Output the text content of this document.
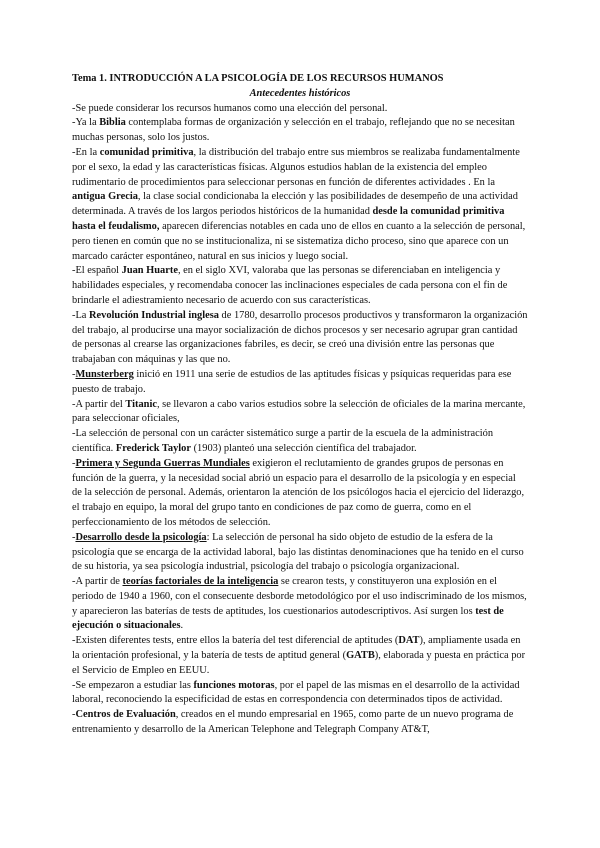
Tema 1. INTRODUCCIÓN A LA PSICOLOGÍA DE LOS RECURSOS HUMANOS

Antecedentes históricos

-Se puede considerar los recursos humanos como una elección del personal.

-Ya la Biblia contemplaba formas de organización y selección en el trabajo, reflejando que no se necesitan muchas personas, solo los justos.

-En la comunidad primitiva, la distribución del trabajo entre sus miembros se realizaba fundamentalmente por el sexo, la edad y las características físicas. Algunos estudios hablan de la existencia del empleo rudimentario de procedimientos para seleccionar personas en función de diferentes actividades . En la antigua Grecia, la clase social condicionaba la elección y las posibilidades de desempeño de una actividad determinada. A través de los largos periodos históricos de la humanidad desde la comunidad primitiva hasta el feudalismo, aparecen diferencias notables en cada uno de ellos en cuanto a la selección de personal, pero tienen en común que no se institucionaliza, ni se sistematiza dicho proceso, sino que aparece con un marcado carácter espontáneo, natural en sus inicios y luego social.

-El español Juan Huarte, en el siglo XVI, valoraba que las personas se diferenciaban en inteligencia y habilidades especiales, y recomendaba conocer las inclinaciones especiales de cada persona con el fin de brindarle el adiestramiento necesario de acuerdo con sus características.

-La Revolución Industrial inglesa de 1780, desarrollo procesos productivos y transformaron la organización del trabajo, al producirse una mayor socialización de dichos procesos y ser necesario agrupar gran cantidad de personas al crearse las organizaciones fabriles, es decir, se creó una división entre las personas que trabajaban con máquinas y las que no.

-Munsterberg inició en 1911 una serie de estudios de las aptitudes físicas y psíquicas requeridas para ese puesto de trabajo.

-A partir del Titanic, se llevaron a cabo varios estudios sobre la selección de oficiales de la marina mercante, para seleccionar oficiales,

-La selección de personal con un carácter sistemático surge a partir de la escuela de la administración científica. Frederick Taylor (1903) planteó una selección científica del trabajador.

-Primera y Segunda Guerras Mundiales exigieron el reclutamiento de grandes grupos de personas en función de la guerra, y la necesidad social abrió un espacio para el desarrollo de la psicología y en especial de la selección de personal. Además, orientaron la atención de los psicólogos hacia el ejercicio del liderazgo, el trabajo en equipo, la moral del grupo tanto en condiciones de paz como de guerra, como en el perfeccionamiento de los métodos de selección.

-Desarrollo desde la psicología: La selección de personal ha sido objeto de estudio de la esfera de la psicología que se encarga de la actividad laboral, bajo las distintas denominaciones que ha tenido en el curso de su historia, ya sea psicología industrial, psicología del trabajo o psicología organizacional.

-A partir de teorías factoriales de la inteligencia se crearon tests, y constituyeron una explosión en el periodo de 1940 a 1960, con el consecuente desborde metodológico por el uso indiscriminado de los mismos, y aparecieron las baterías de tests de aptitudes, los cuestionarios autodescriptivos. Así surgen los test de ejecución o situacionales.

-Existen diferentes tests, entre ellos la batería del test diferencial de aptitudes (DAT), ampliamente usada en la orientación profesional, y la batería de tests de aptitud general (GATB), elaborada y puesta en práctica por el Servicio de Empleo en EEUU.

-Se empezaron a estudiar las funciones motoras, por el papel de las mismas en el desarrollo de la actividad laboral, reconociendo la especificidad de estas en correspondencia con determinados tipos de actividad.

-Centros de Evaluación, creados en el mundo empresarial en 1965, como parte de un nuevo programa de entrenamiento y desarrollo de la American Telephone and Telegraph Company AT&T,
